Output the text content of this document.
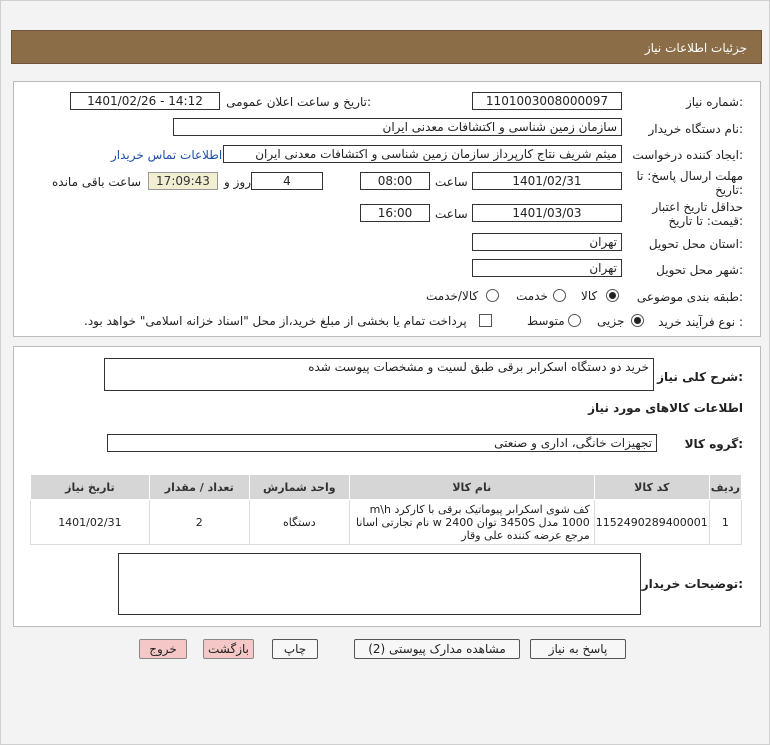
جزئیات اطلاعات نیاز
شماره نیاز:
1101003008000097
تاریخ و ساعت اعلان عمومی:
1401/02/26 - 14:12
نام دستگاه خریدار:
سازمان زمین شناسی و اکتشافات معدنی ایران
ایجاد کننده درخواست:
میثم شریف نتاج کارپرداز سازمان زمین شناسی و اکتشافات معدنی ایران
اطلاعات تماس خریدار
مهلت ارسال پاسخ: تا
تاریخ:
1401/02/31
ساعت
08:00
4
روز و
17:09:43
ساعت باقی مانده
حداقل تاریخ اعتبار
قیمت: تا تاریخ:
1401/03/03
ساعت
16:00
استان محل تحویل:
تهران
شهر محل تحویل:
تهران
طبقه بندی موضوعی:
کالا
خدمت
کالا/خدمت
نوع فرآیند خرید :
جزیی
متوسط
پرداخت تمام یا بخشی از مبلغ خرید،از محل "اسناد خزانه اسلامی" خواهد بود.
شرح کلی نیاز:
خرید دو دستگاه اسکرابر برقی طبق لسیت و مشخصات پیوست شده
اطلاعات کالاهای مورد نیاز
گروه کالا:
تجهیزات خانگی، اداری و صنعتی
ردیف	کد کالا	نام کالا	واحد شمارش	تعداد / مقدار	تاریخ نیاز
1	1152490289400001	کف شوی اسکرابر پیوماتیک برقی با کارکرد m\h 1000 مدل 3450S توان w 2400 نام تجارتی اسانا مرجع عرضه کننده علی وقار	دستگاه	2	1401/02/31
توضیحات خریدار:
پاسخ به نیاز
مشاهده مدارک پیوستی (2)
چاپ
بازگشت
خروج
